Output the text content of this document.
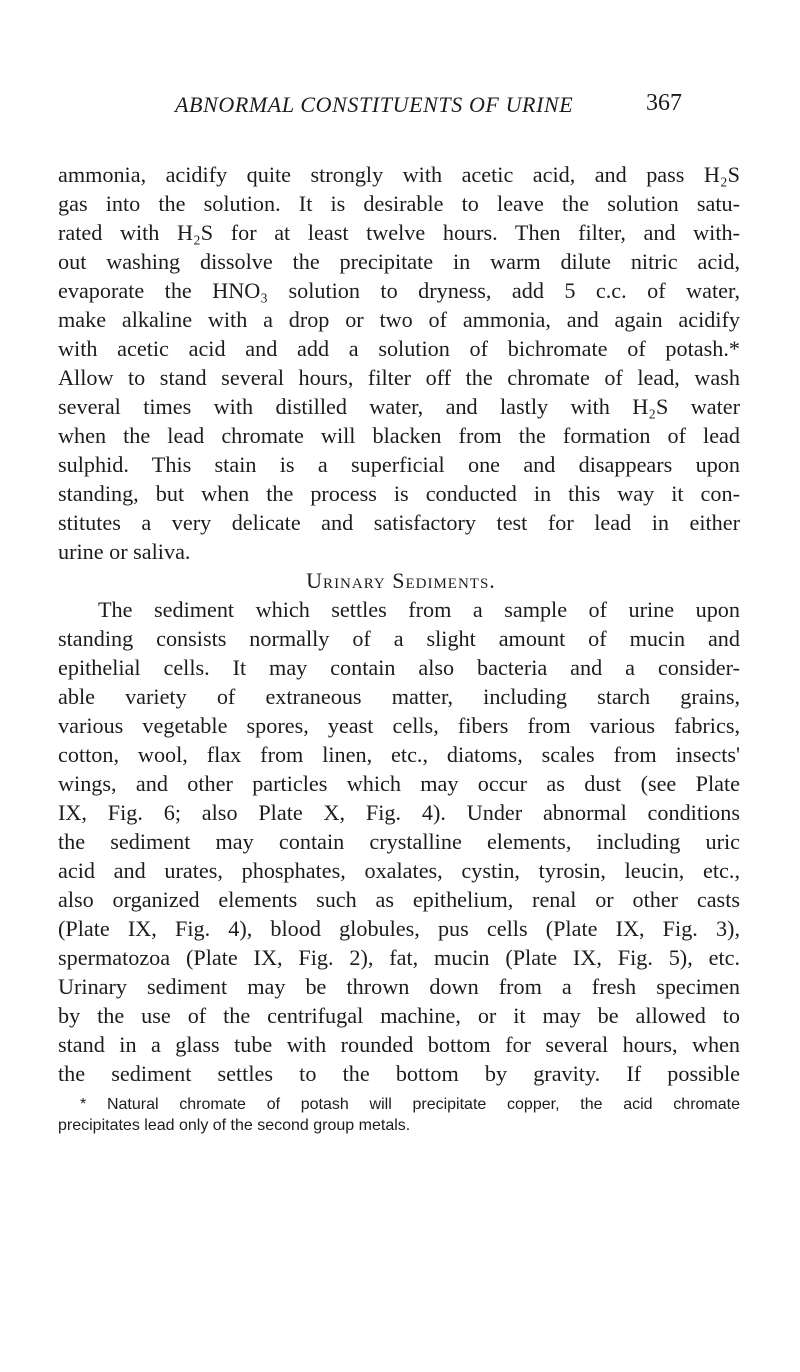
ABNORMAL CONSTITUENTS OF URINE	367
ammonia, acidify quite strongly with acetic acid, and pass H₂S
gas into the solution. It is desirable to leave the solution satu-
rated with H₂S for at least twelve hours. Then filter, and with-
out washing dissolve the precipitate in warm dilute nitric acid,
evaporate the HNO₃ solution to dryness, add 5 c.c. of water,
make alkaline with a drop or two of ammonia, and again acidify
with acetic acid and add a solution of bichromate of potash.*
Allow to stand several hours, filter off the chromate of lead, wash
several times with distilled water, and lastly with H₂S water
when the lead chromate will blacken from the formation of lead
sulphid. This stain is a superficial one and disappears upon
standing, but when the process is conducted in this way it con-
stitutes a very delicate and satisfactory test for lead in either
urine or saliva.
Urinary Sediments.
The sediment which settles from a sample of urine upon
standing consists normally of a slight amount of mucin and
epithelial cells. It may contain also bacteria and a consider-
able variety of extraneous matter, including starch grains,
various vegetable spores, yeast cells, fibers from various fabrics,
cotton, wool, flax from linen, etc., diatoms, scales from insects'
wings, and other particles which may occur as dust (see Plate
IX, Fig. 6; also Plate X, Fig. 4). Under abnormal conditions
the sediment may contain crystalline elements, including uric
acid and urates, phosphates, oxalates, cystin, tyrosin, leucin, etc.,
also organized elements such as epithelium, renal or other casts
(Plate IX, Fig. 4), blood globules, pus cells (Plate IX, Fig. 3),
spermatozoa (Plate IX, Fig. 2), fat, mucin (Plate IX, Fig. 5), etc.
Urinary sediment may be thrown down from a fresh specimen
by the use of the centrifugal machine, or it may be allowed to
stand in a glass tube with rounded bottom for several hours, when
the sediment settles to the bottom by gravity. If possible
* Natural chromate of potash will precipitate copper, the acid chromate
precipitates lead only of the second group metals.
